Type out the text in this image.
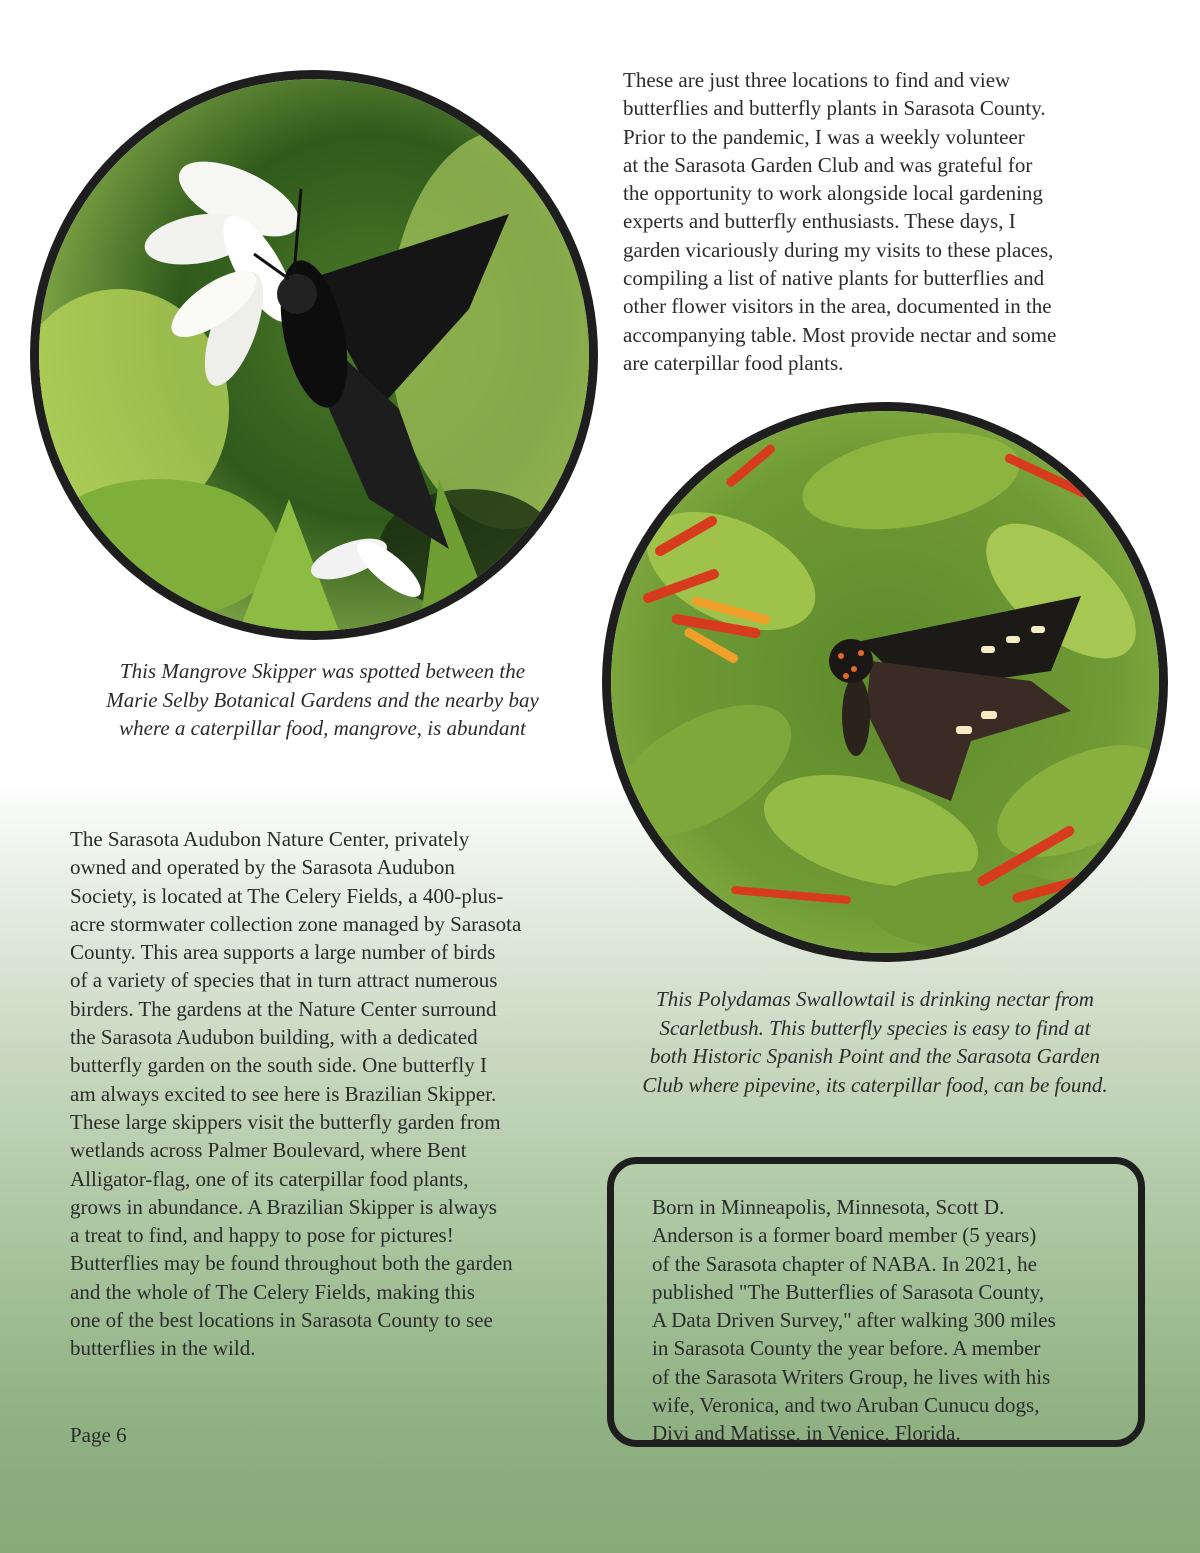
These are just three locations to find and view
butterflies and butterfly plants in Sarasota County.
Prior to the pandemic, I was a weekly volunteer
at the Sarasota Garden Club and was grateful for
the opportunity to work alongside local gardening
experts and butterfly enthusiasts. These days, I
garden vicariously during my visits to these places,
compiling a list of native plants for butterflies and
other flower visitors in the area, documented in the
accompanying table. Most provide nectar and some
are caterpillar food plants.
This Mangrove Skipper was spotted between the
Marie Selby Botanical Gardens and the nearby bay
where a caterpillar food, mangrove, is abundant
This Polydamas Swallowtail is drinking nectar from
Scarletbush. This butterfly species is easy to find at
both Historic Spanish Point and the Sarasota Garden
Club where pipevine, its caterpillar food, can be found.
The Sarasota Audubon Nature Center, privately
owned and operated by the Sarasota Audubon
Society, is located at The Celery Fields, a 400-plus-
acre stormwater collection zone managed by Sarasota
County. This area supports a large number of birds
of a variety of species that in turn attract numerous
birders. The gardens at the Nature Center surround
the Sarasota Audubon building, with a dedicated
butterfly garden on the south side. One butterfly I
am always excited to see here is Brazilian Skipper.
These large skippers visit the butterfly garden from
wetlands across Palmer Boulevard, where Bent
Alligator-flag, one of its caterpillar food plants,
grows in abundance. A Brazilian Skipper is always
a treat to find, and happy to pose for pictures!
Butterflies may be found throughout both the garden
and the whole of The Celery Fields, making this
one of the best locations in Sarasota County to see
butterflies in the wild.
Born in Minneapolis, Minnesota, Scott D.
Anderson is a former board member (5 years)
of the Sarasota chapter of NABA. In 2021, he
published "The Butterflies of Sarasota County,
A Data Driven Survey," after walking 300 miles
in Sarasota County the year before. A member
of the Sarasota Writers Group, he lives with his
wife, Veronica, and two Aruban Cunucu dogs,
Divi and Matisse, in Venice, Florida.
Page 6
